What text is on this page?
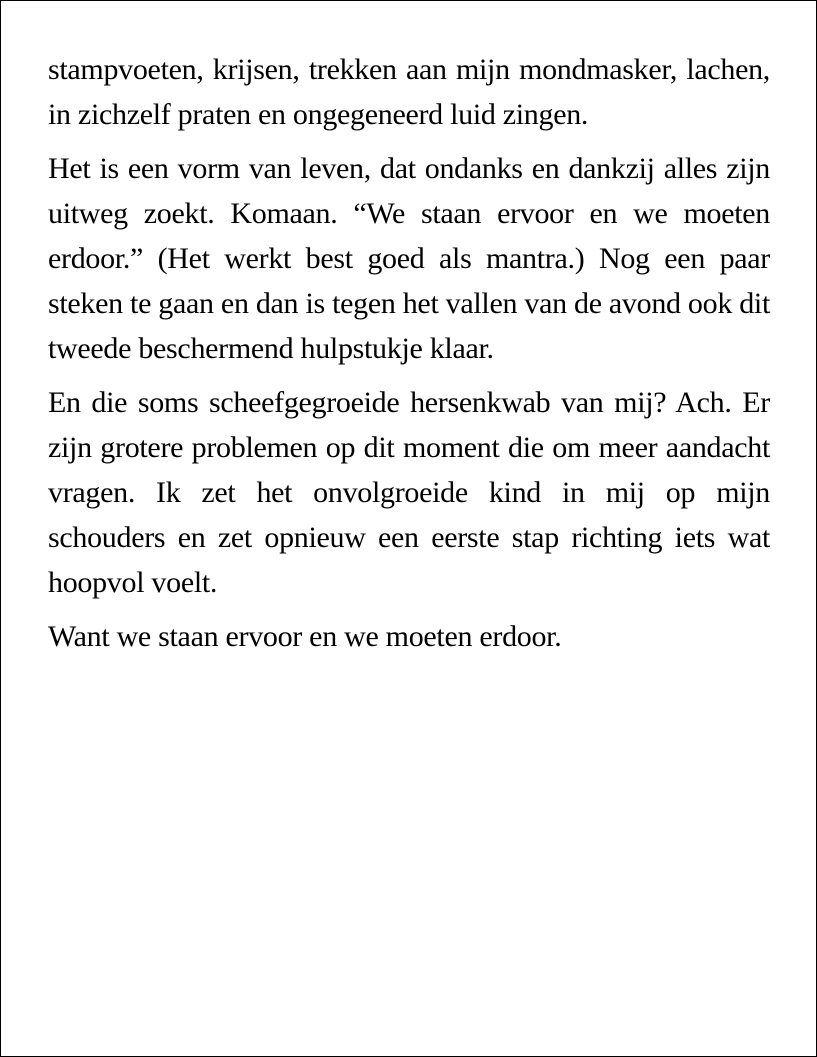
stampvoeten, krijsen, trekken aan mijn mondmasker, lachen, in zichzelf praten en ongegeneerd luid zingen.

Het is een vorm van leven, dat ondanks en dankzij alles zijn uitweg zoekt. Komaan. “We staan ervoor en we moeten erdoor.” (Het werkt best goed als mantra.) Nog een paar steken te gaan en dan is tegen het vallen van de avond ook dit tweede beschermend hulpstukje klaar.

En die soms scheefgegroeide hersenkwab van mij? Ach. Er zijn grotere problemen op dit moment die om meer aandacht vragen. Ik zet het onvolgroeide kind in mij op mijn schouders en zet opnieuw een eerste stap richting iets wat hoopvol voelt.

Want we staan ervoor en we moeten erdoor.
